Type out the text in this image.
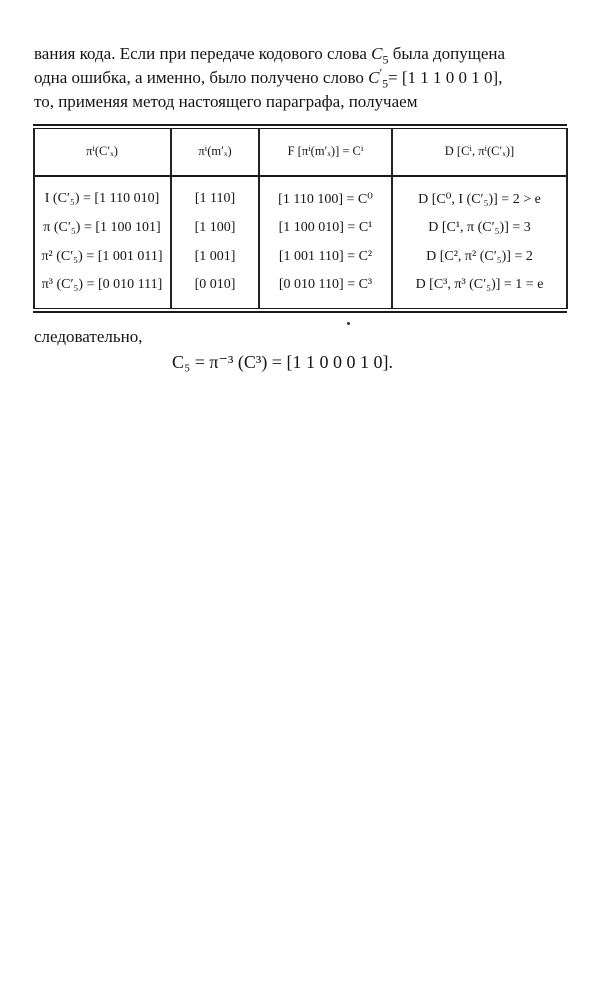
вания кода. Если при передаче кодового слова $C_5$ была допущена
одна ошибка, а именно, было получено слово $C'_5= [1$ 1 1 0 0 1 0],
то, применяя метод настоящего параграфа, получаем
πⁱ(C′ₓ)	πⁱ(m′ₓ)	F [πⁱ(m′ₓ)] = Cⁱ	D [Cⁱ, πⁱ(C′ₓ)]
I (C′₅) = [1 110 010]	[1 110]	[1 110 100] = C⁰	D [C⁰, I (C′₅)] = 2 > e
π (C′₅) = [1 100 101]	[1 100]	[1 100 010] = C¹	D [C¹, π (C′₅)] = 3
π² (C′₅) = [1 001 011]	[1 001]	[1 001 110] = C²	D [C², π² (C′₅)] = 2
π³ (C′₅) = [0 010 111]	[0 010]	[0 010 110] = C³	D [C³, π³ (C′₅)] = 1 = e
следовательно,
C₅ = π⁻³ (C³) = [1 1 0 0 0 1 0].
